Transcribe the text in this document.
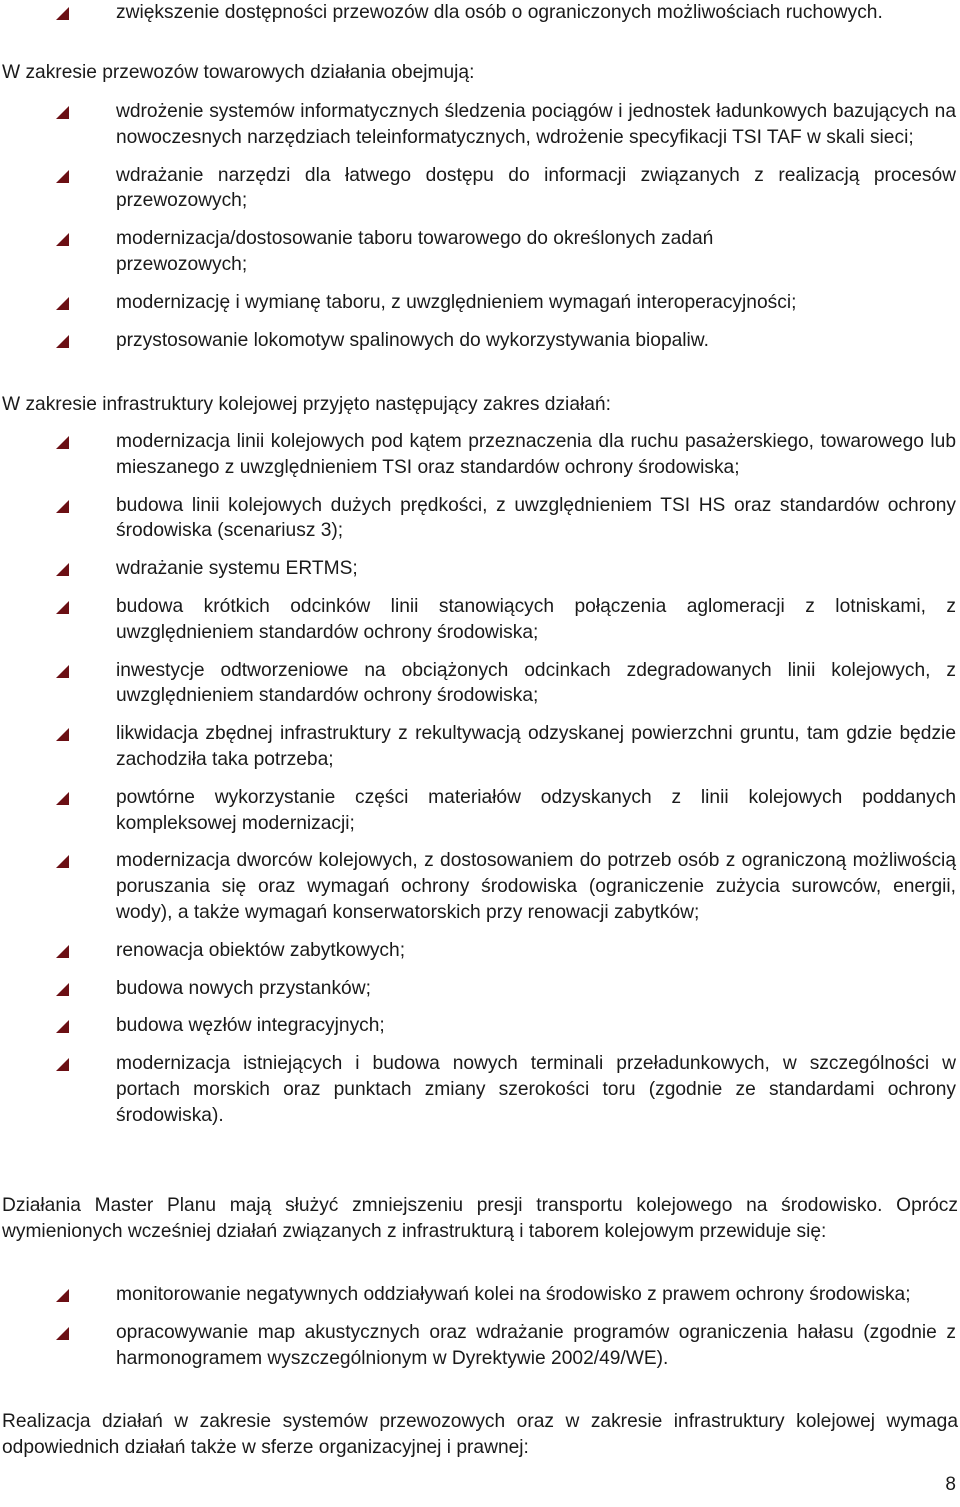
zwiększenie dostępności przewozów dla osób o ograniczonych możliwościach ruchowych.

W zakresie przewozów towarowych działania obejmują:

wdrożenie systemów informatycznych śledzenia pociągów i jednostek ładunkowych bazujących na nowoczesnych narzędziach teleinformatycznych, wdrożenie specyfikacji TSI TAF w skali sieci;
wdrażanie narzędzi dla łatwego dostępu do informacji związanych z realizacją procesów przewozowych;
modernizacja/dostosowanie taboru towarowego do określonych zadań przewozowych;
modernizację i wymianę taboru, z uwzględnieniem wymagań interoperacyjności;
przystosowanie lokomotyw spalinowych do wykorzystywania biopaliw.

W zakresie infrastruktury kolejowej przyjęto następujący zakres działań:

modernizacja linii kolejowych pod kątem przeznaczenia dla ruchu pasażerskiego, towarowego lub mieszanego z uwzględnieniem TSI oraz standardów ochrony środowiska;
budowa linii kolejowych dużych prędkości, z uwzględnieniem TSI HS oraz standardów ochrony środowiska (scenariusz 3);
wdrażanie systemu ERTMS;
budowa krótkich odcinków linii stanowiących połączenia aglomeracji z lotniskami, z uwzględnieniem standardów ochrony środowiska;
inwestycje odtworzeniowe na obciążonych odcinkach zdegradowanych linii kolejowych, z uwzględnieniem standardów ochrony środowiska;
likwidacja zbędnej infrastruktury z rekultywacją odzyskanej powierzchni gruntu, tam gdzie będzie zachodziła taka potrzeba;
powtórne wykorzystanie części materiałów odzyskanych z linii kolejowych poddanych kompleksowej modernizacji;
modernizacja dworców kolejowych, z dostosowaniem do potrzeb osób z ograniczoną możliwością poruszania się oraz wymagań ochrony środowiska (ograniczenie zużycia surowców, energii, wody), a także wymagań konserwatorskich przy renowacji zabytków;
renowacja obiektów zabytkowych;
budowa nowych przystanków;
budowa węzłów integracyjnych;
modernizacja istniejących i budowa nowych terminali przeładunkowych, w szczególności w portach morskich oraz punktach zmiany szerokości toru (zgodnie ze standardami ochrony środowiska).

Działania Master Planu mają służyć zmniejszeniu presji transportu kolejowego na środowisko. Oprócz wymienionych wcześniej działań związanych z infrastrukturą i taborem kolejowym przewiduje się:

monitorowanie negatywnych oddziaływań kolei na środowisko z prawem ochrony środowiska;
opracowywanie map akustycznych oraz wdrażanie programów ograniczenia hałasu (zgodnie z harmonogramem wyszczególnionym w Dyrektywie 2002/49/WE).

Realizacja działań w zakresie systemów przewozowych oraz w zakresie infrastruktury kolejowej wymaga odpowiednich działań także w sferze organizacyjnej i prawnej:

8
